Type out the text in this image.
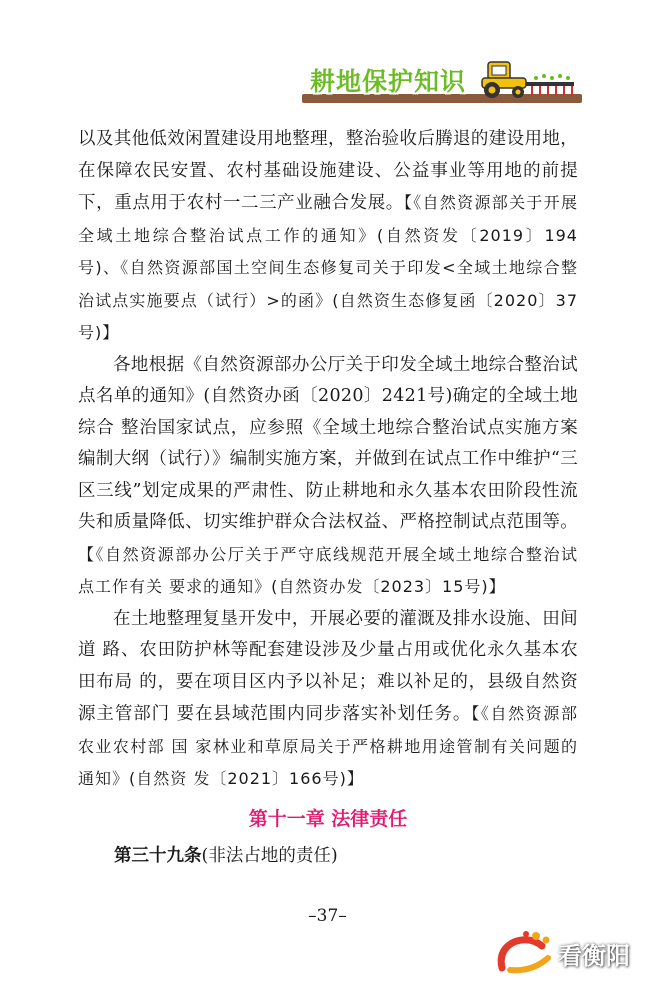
耕地保护知识

以及其他低效闲置建设用地整理，整治验收后腾退的建设用地，在保障农民安置、农村基础设施建设、公益事业等用地的前提下，重点用于农村一二三产业融合发展。【《自然资源部关于开展全域土地综合整治试点工作的通知》(自然资发〔2019〕194号)、《自然资源部国土空间生态修复司关于印发<全域土地综合整治试点实施要点（试行）>的函》(自然资生态修复函〔2020〕37号)】

各地根据《自然资源部办公厅关于印发全域土地综合整治试点名单的通知》(自然资办函〔2020〕2421号)确定的全域土地综合 整治国家试点，应参照《全域土地综合整治试点实施方案编制大纲（试行）》编制实施方案，并做到在试点工作中维护“三区三线”划定成果的严肃性、防止耕地和永久基本农田阶段性流失和质量降低、切实维护群众合法权益、严格控制试点范围等。【《自然资源部办公厅关于严守底线规范开展全域土地综合整治试点工作有关 要求的通知》(自然资办发〔2023〕15号)】

在土地整理复垦开发中，开展必要的灌溉及排水设施、田间道 路、农田防护林等配套建设涉及少量占用或优化永久基本农田布局 的，要在项目区内予以补足；难以补足的，县级自然资源主管部门 要在县域范围内同步落实补划任务。【《自然资源部 农业农村部 国 家林业和草原局关于严格耕地用途管制有关问题的通知》(自然资 发〔2021〕166号)】

第十一章 法律责任
第三十九条(非法占地的责任)
–37–
看衡阳
